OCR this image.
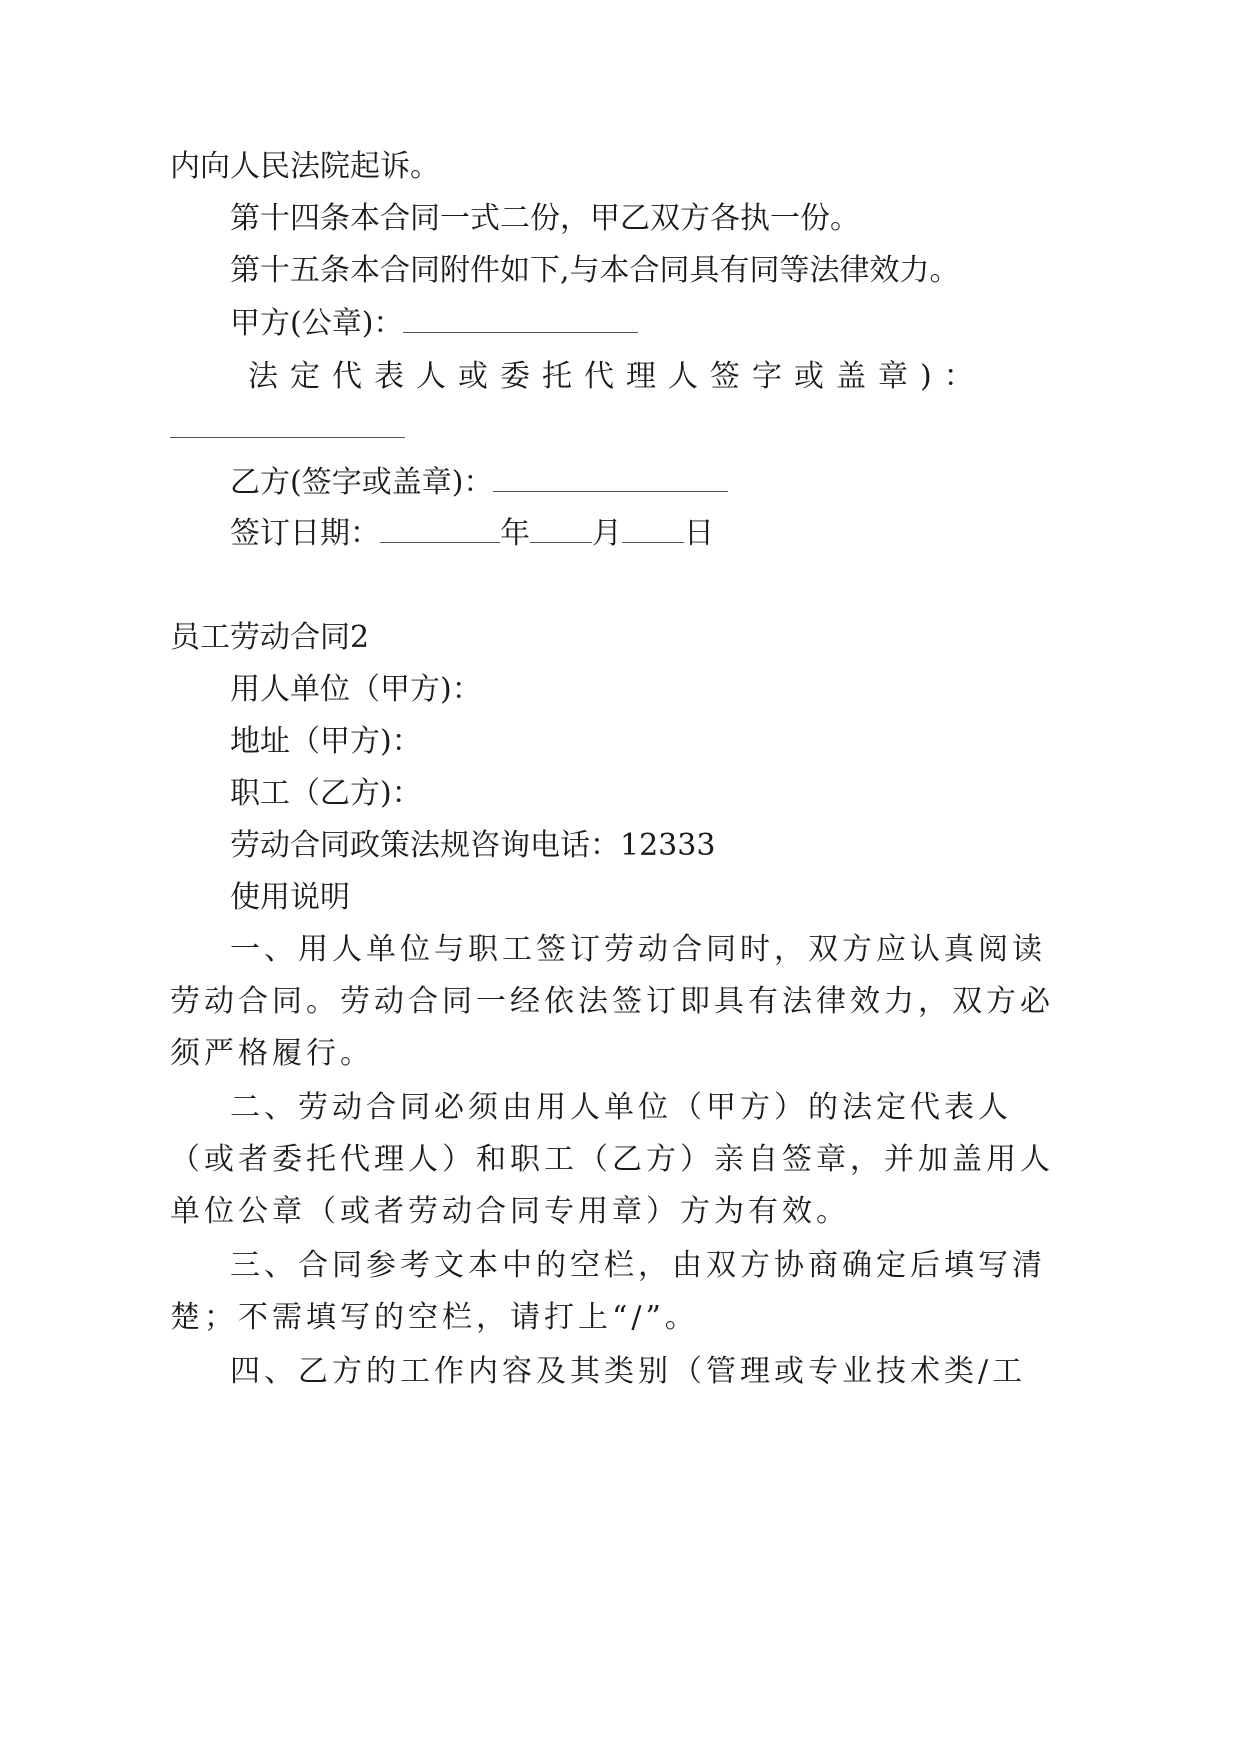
内向人民法院起诉。
第十四条本合同一式二份，甲乙双方各执一份。
第十五条本合同附件如下,与本合同具有同等法律效力。
甲方(公章)：
法定代表人或委托代理人签字或盖章)：
乙方(签字或盖章)：
签订日期：	年 月 日
员工劳动合同2
用人单位（甲方)：
地址（甲方)：
职工（乙方)：
劳动合同政策法规咨询电话：12333
使用说明
一、用人单位与职工签订劳动合同时，双方应认真阅读
劳动合同。劳动合同一经依法签订即具有法律效力，双方必
须严格履行。
二、劳动合同必须由用人单位（甲方）的法定代表人
（或者委托代理人）和职工（乙方）亲自签章，并加盖用人
单位公章（或者劳动合同专用章）方为有效。
三、合同参考文本中的空栏，由双方协商确定后填写清
楚；不需填写的空栏，请打上“/”。
四、乙方的工作内容及其类别（管理或专业技术类/工
